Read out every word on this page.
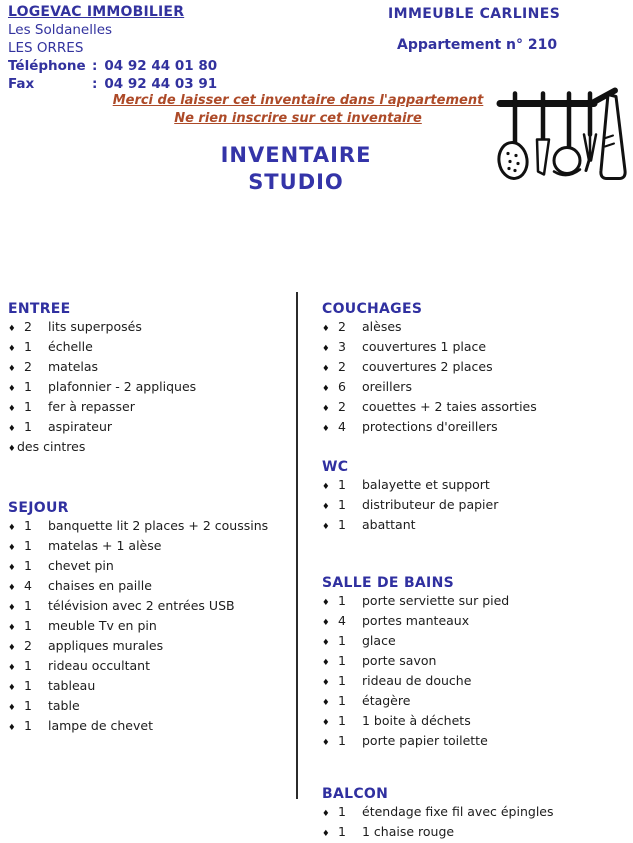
LOGEVAC IMMOBILIER
Les Soldanelles
LES ORRES
Téléphone : 04 92 44 01 80
Fax	: 04 92 44 03 91
IMMEUBLE CARLINES
Appartement n° 210
Merci de laisser cet inventaire dans l'appartement
Ne rien inscrire sur cet inventaire
INVENTAIRE
STUDIO
ENTREE
♦ 2	lits superposés
♦ 1	échelle
♦ 2	matelas
♦ 1	plafonnier - 2 appliques
♦ 1	fer à repasser
♦ 1	aspirateur
♦ des cintres
SEJOUR
♦ 1	banquette lit 2 places + 2 coussins
♦ 1	matelas + 1 alèse
♦ 1	chevet pin
♦ 4	chaises en paille
♦ 1	télévision avec 2 entrées USB
♦ 1	meuble Tv en pin
♦ 2	appliques murales
♦ 1	rideau occultant
♦ 1	tableau
♦ 1	table
♦ 1	lampe de chevet
COUCHAGES
♦ 2	alèses
♦ 3	couvertures 1 place
♦ 2	couvertures 2 places
♦ 6	oreillers
♦ 2	couettes + 2 taies assorties
♦ 4	protections d'oreillers
WC
♦ 1	balayette et support
♦ 1	distributeur de papier
♦ 1	abattant
SALLE DE BAINS
♦ 1	porte serviette sur pied
♦ 4	portes manteaux
♦ 1	glace
♦ 1	porte savon
♦ 1	rideau de douche
♦ 1	étagère
♦ 1	1 boite à déchets
♦ 1	porte papier toilette
BALCON
♦ 1	étendage fixe fil avec épingles
♦ 1	1 chaise rouge
